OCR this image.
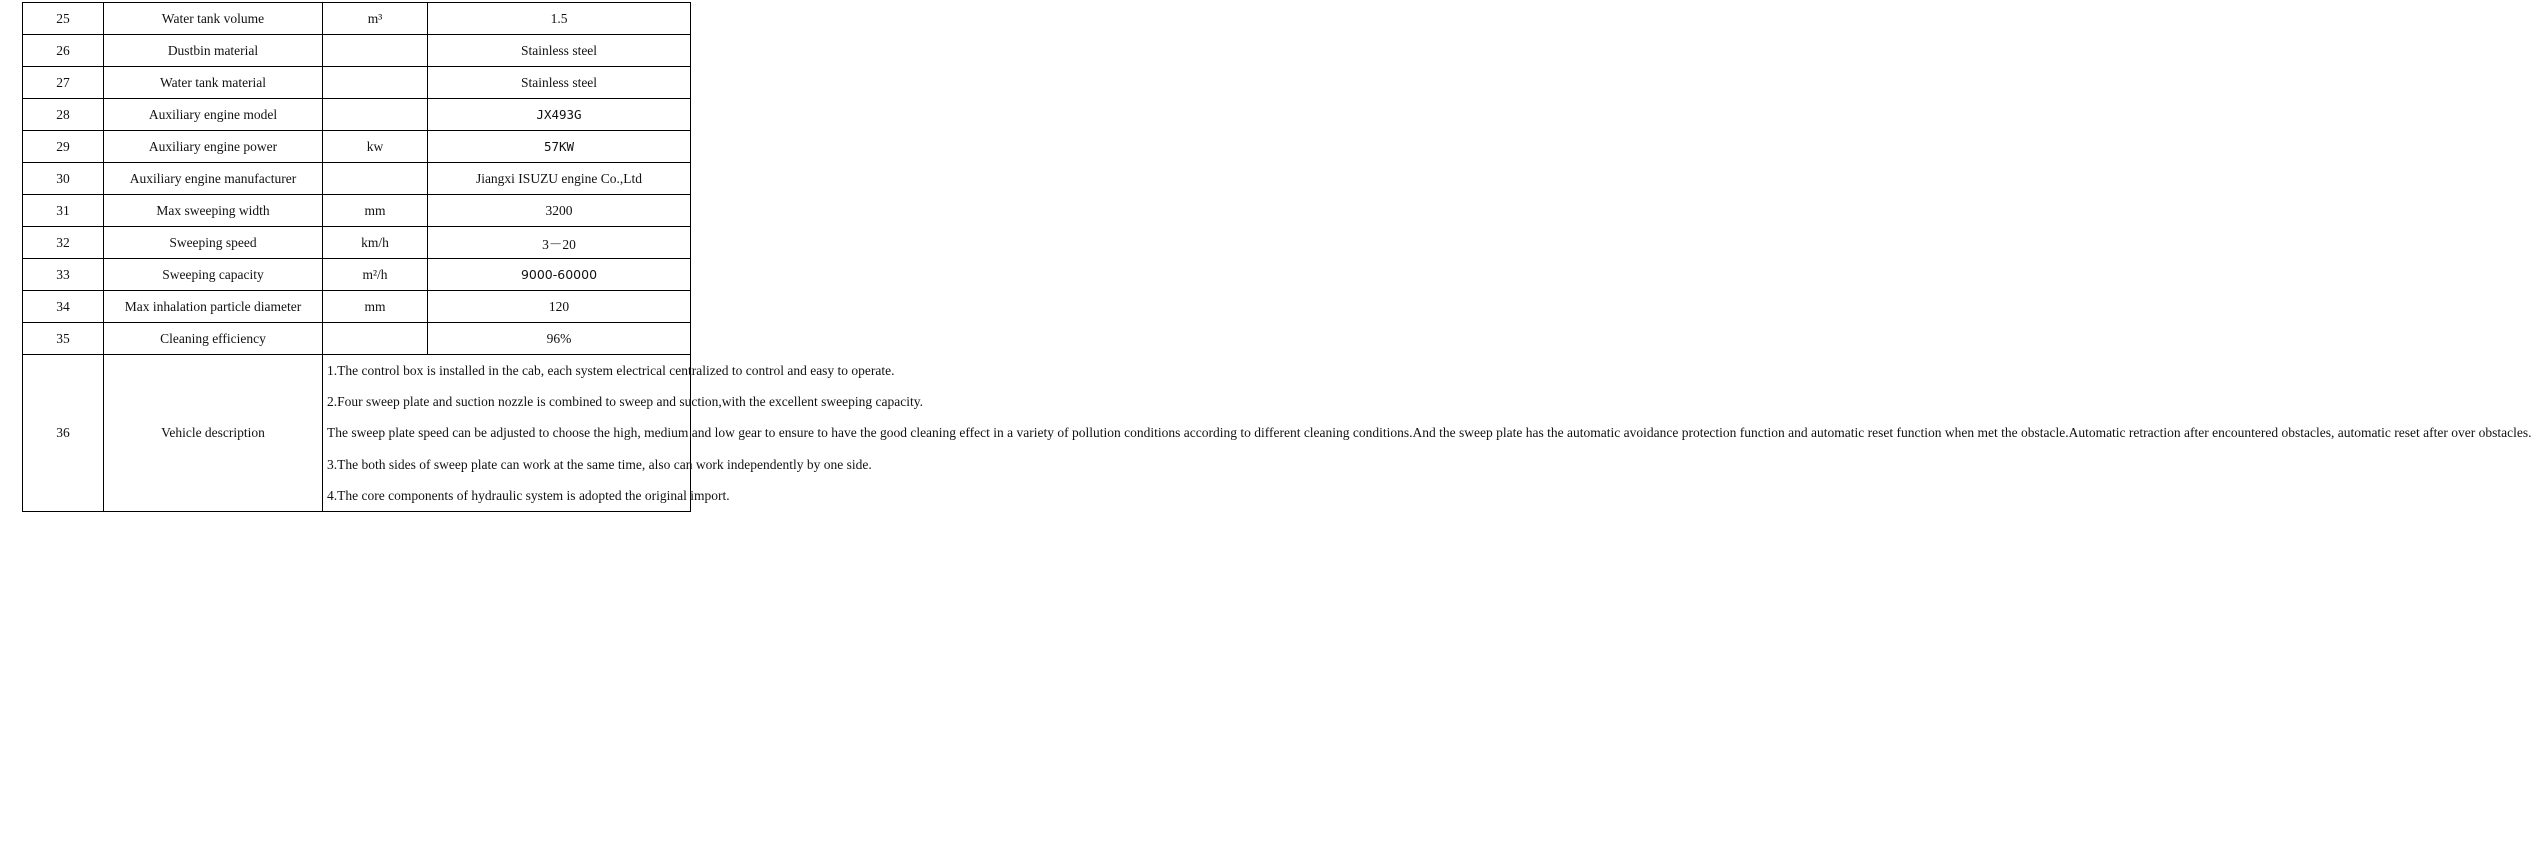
25	Water tank volume	m³	1.5
26	Dustbin material		Stainless steel
27	Water tank material		Stainless steel
28	Auxiliary engine model		JX493G
29	Auxiliary engine power	kw	57KW
30	Auxiliary engine manufacturer		Jiangxi ISUZU engine Co.,Ltd
31	Max sweeping width	mm	3200
32	Sweeping speed	km/h	3－20
33	Sweeping capacity	m²/h	9000-60000
34	Max inhalation particle diameter	mm	120
35	Cleaning efficiency		96%
36	Vehicle description	1.The control box is installed in the cab, each system electrical centralized to control and easy to operate.

2.Four sweep plate and suction nozzle is combined to sweep and suction,with the excellent sweeping capacity.

The sweep plate speed can be adjusted to choose the high, medium and low gear to ensure to have the good cleaning effect in a variety of pollution conditions according to different cleaning conditions.And the sweep plate has the automatic avoidance protection function and automatic reset function when met the obstacle.Automatic retraction after encountered obstacles, automatic reset after over obstacles.

3.The both sides of sweep plate can work at the same time, also can work independently by one side.

4.The core components of hydraulic system is adopted the original import.	
